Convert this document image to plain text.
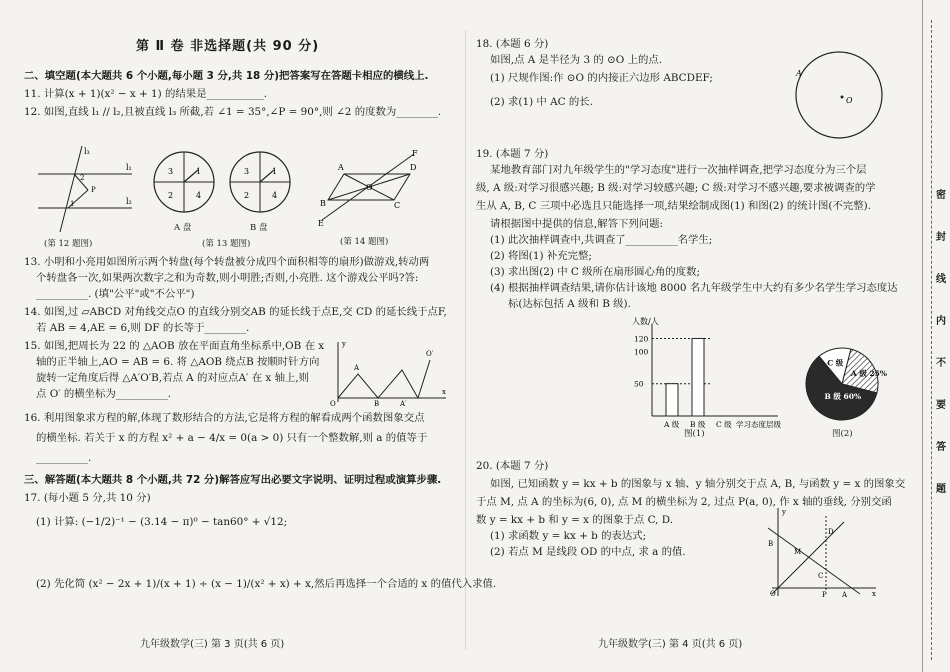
第 Ⅱ 卷 非选择题(共 90 分)
二、填空题(本大题共 6 个小题,每小题 3 分,共 18 分)把答案写在答题卡相应的横线上.
11. 计算(x + 1)(x² − x + 1) 的结果是___________.
12. 如图,直线 l₁ // l₂,且被直线 l₃ 所截,若 ∠1 = 35°,∠P = 90°,则 ∠2 的度数为________.
l₃
l₁
l₂
2
P
1
(第 12 题图)
3	1
2	4
3	1
2	4
A 盘	B 盘
(第 13 题图)
A	D
F
O
B	C
E
(第 14 题图)
13. 小明和小亮用如图所示两个转盘(每个转盘被分成四个面积相等的扇形)做游戏,转动两
个转盘各一次,如果两次数字之和为奇数,则小明胜;否则,小亮胜. 这个游戏公平吗?答:
__________. (填"公平"或"不公平")
14. 如图,过 ▱ABCD 对角线交点O 的直线分别交AB 的延长线于点E,交 CD 的延长线于点F,
若 AB = 4,AE = 6,则 DF 的长等于________.
15. 如图,把周长为 22 的 △AOB 放在平面直角坐标系中,OB 在 x
轴的正半轴上,AO = AB = 6. 将 △AOB 绕点B 按顺时针方向
旋转一定角度后得 △A′O′B,若点 A 的对应点A′ 在 x 轴上,则
点 O′ 的横坐标为__________.
y
x
O
A
B	A′
O′
16. 利用图象求方程的解,体现了数形结合的方法,它是将方程的解看成两个函数图象交点
的横坐标. 若关于 x 的方程 x² + a − 4/x = 0(a > 0) 只有一个整数解,则 a 的值等于
__________.
三、解答题(本大题共 8 个小题,共 72 分)解答应写出必要文字说明、证明过程或演算步骤.
17. (每小题 5 分,共 10 分)
(1) 计算: (−1/2)⁻¹ − (3.14 − π)⁰ − tan60° + √12;
(2) 先化简 (x² − 2x + 1)/(x + 1) ÷ (x − 1)/(x² + x) + x,然后再选择一个合适的 x 的值代入求值.
九年级数学(三) 第 3 页(共 6 页)
18. (本题 6 分)
如图,点 A 是半径为 3 的 ⊙O 上的点.
(1) 尺规作图:作 ⊙O 的内接正六边形 ABCDEF;
(2) 求(1) 中 AC 的长.	O
A
19. (本题 7 分)
某地教育部门对九年级学生的"学习态度"进行一次抽样调查,把学习态度分为三个层
级, A 级:对学习很感兴趣; B 级:对学习较感兴趣; C 级:对学习不感兴趣,要求被调查的学
生从 A, B, C 三项中必选且只能选择一项,结果绘制成图(1) 和图(2) 的统计图(不完整).
请根据图中提供的信息,解答下列问题:
(1) 此次抽样调查中,共调查了__________名学生;
(2) 将图(1) 补充完整;
(3) 求出图(2) 中 C 级所在扇形圆心角的度数;
(4) 根据抽样调查结果,请你估计该地 8000 名九年级学生中大约有多少名学生学习态度达
标(达标包括 A 级和 B 级).
人数/人
50
100
120
A 级 B 级 C 级 学习态度层级
图(1)
C 级
A 级 25%
B 级 60%
图(2)
20. (本题 7 分)
如图, 已知函数 y = kx + b 的图象与 x 轴、y 轴分别交于点 A, B, 与函数 y = x 的图象交
于点 M, 点 A 的坐标为(6, 0), 点 M 的横坐标为 2, 过点 P(a, 0), 作 x 轴的垂线, 分别交函
数 y = kx + b 和 y = x 的图象于点 C, D.
(1) 求函数 y = kx + b 的表达式;
(2) 若点 M 是线段 OD 的中点, 求 a 的值.
y
x
B
M
D
C
O	P A
九年级数学(三) 第 4 页(共 6 页)
密
封
线
内
不
要
答
题
